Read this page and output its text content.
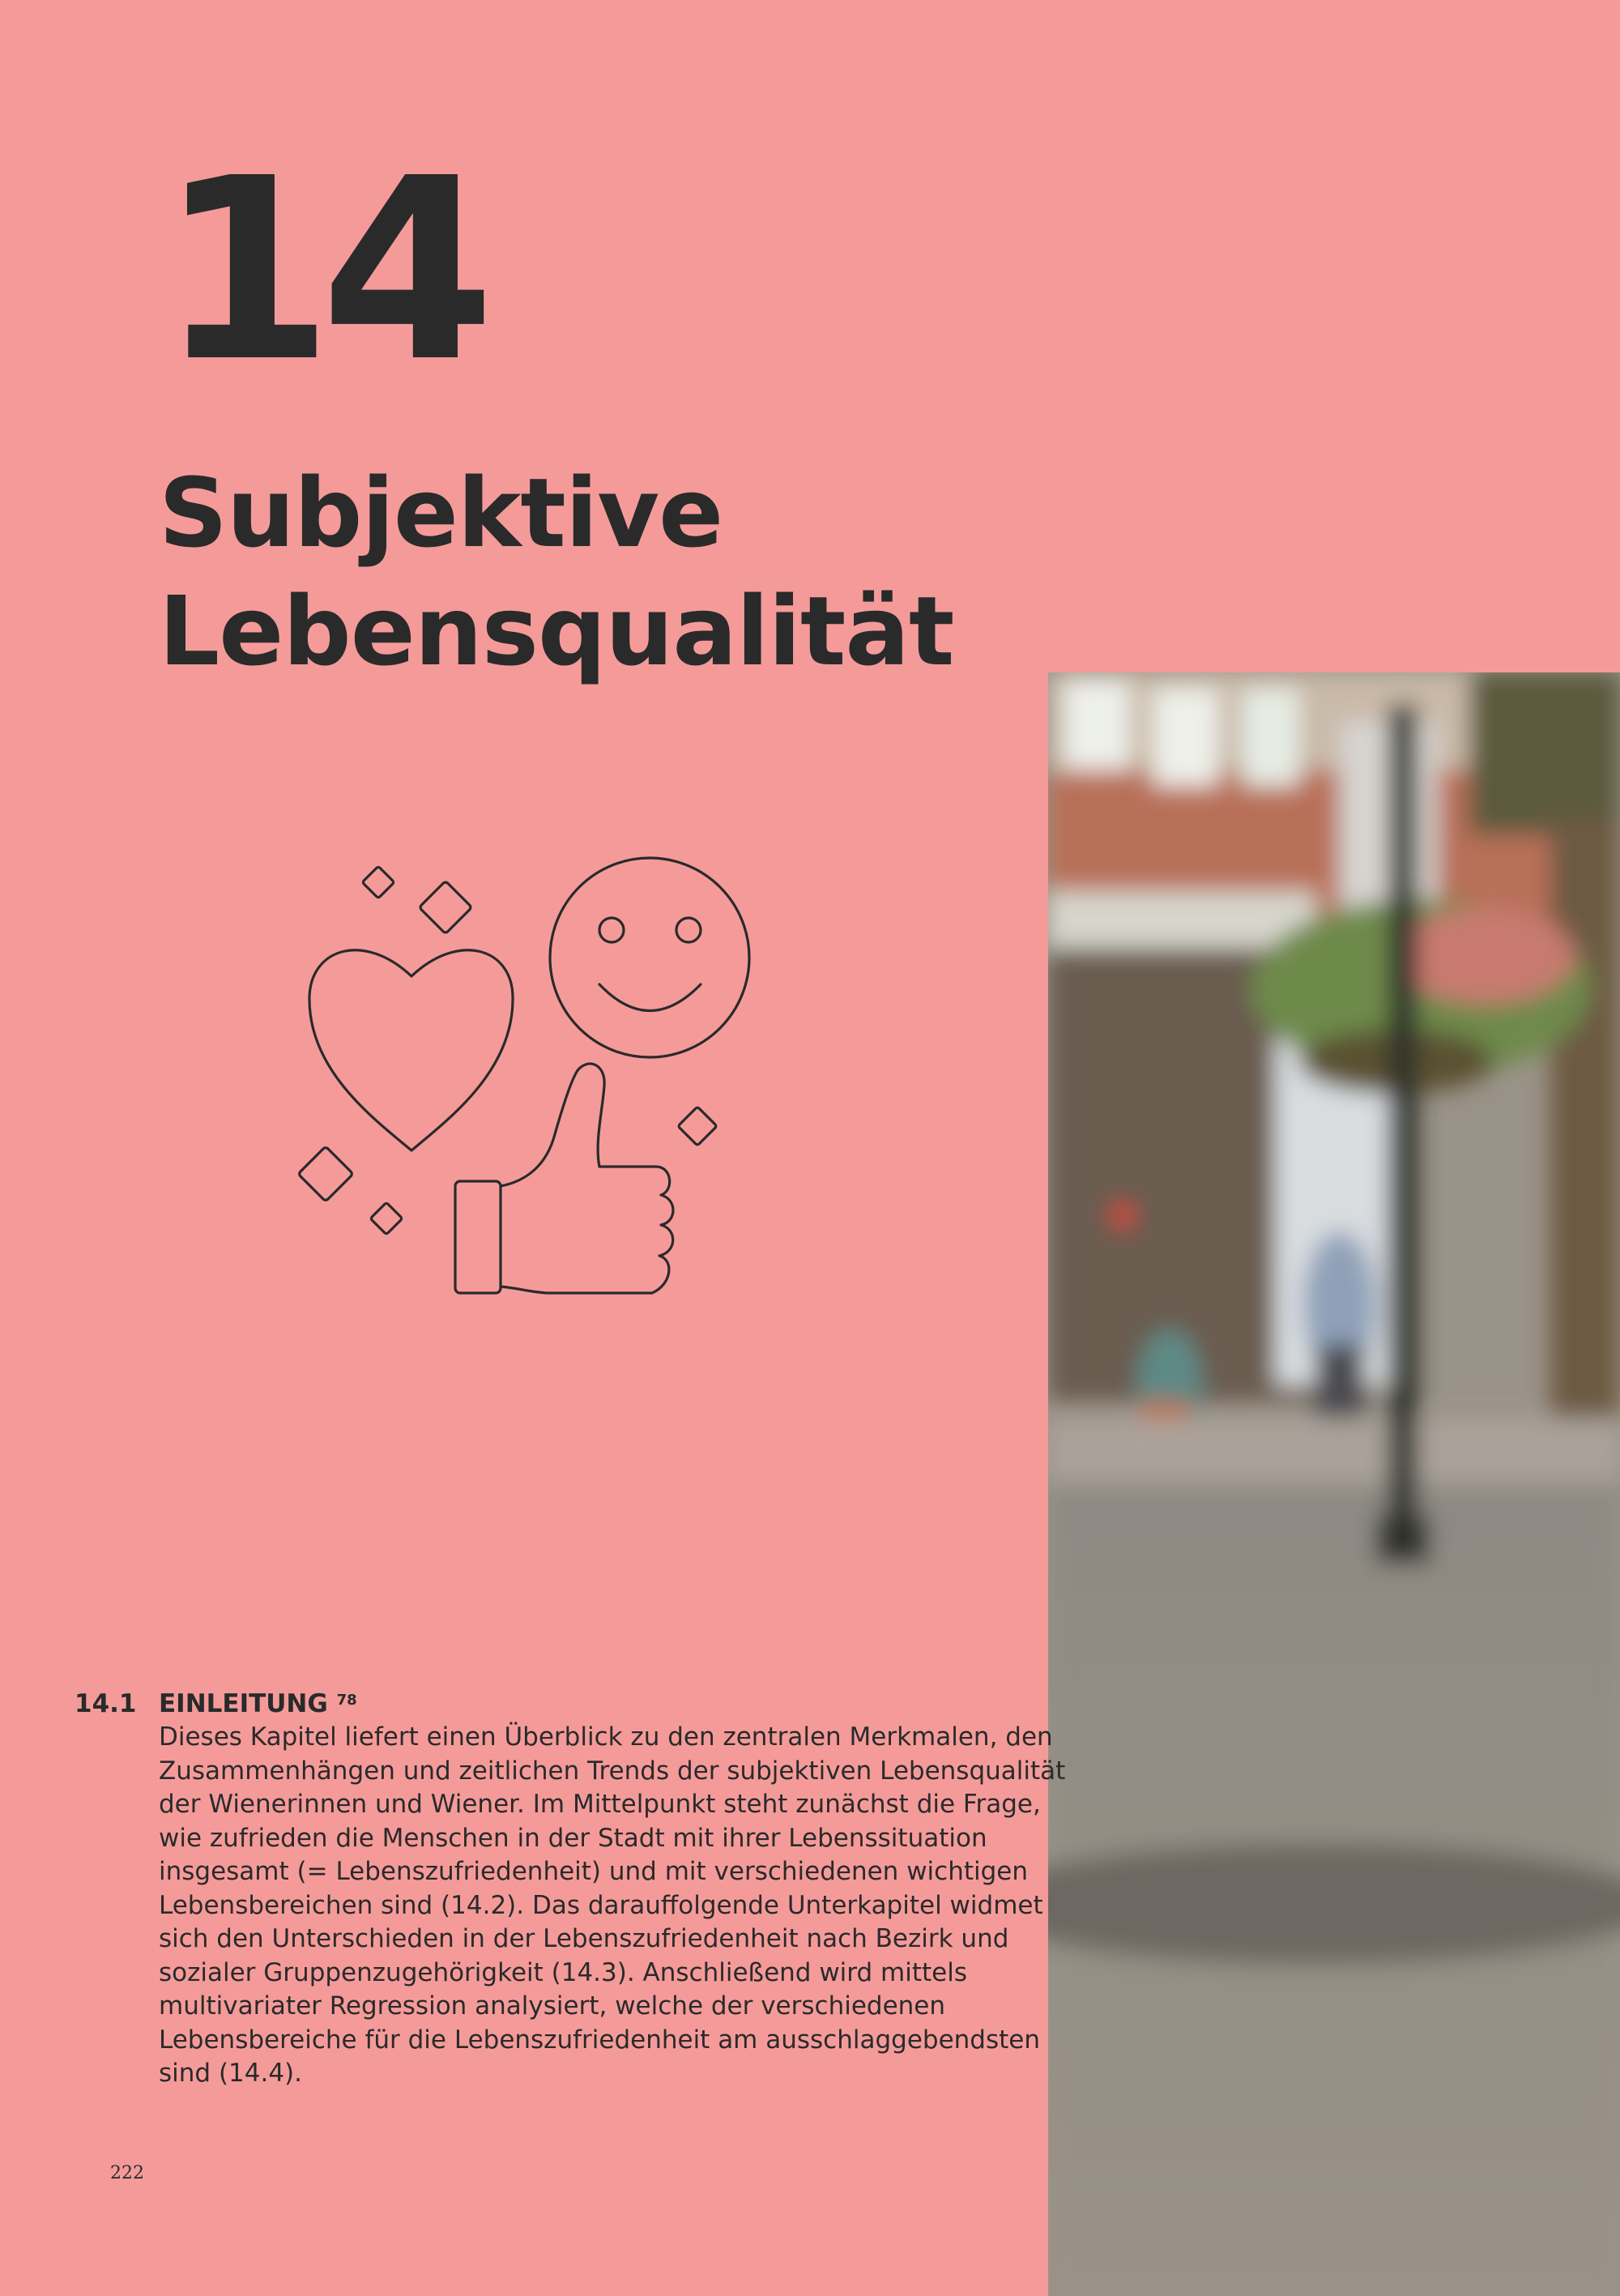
14
Subjektive
Lebensqualität
14.1 EINLEITUNG $^{78}$
Dieses Kapitel liefert einen Überblick zu den zentralen Merkmalen, den Zusammenhängen und zeitlichen Trends der subjektiven Lebensqualität der Wienerinnen und Wiener. Im Mittelpunkt steht zunächst die Frage, wie zufrieden die Menschen in der Stadt mit ihrer Lebenssituation insgesamt (= Lebenszufriedenheit) und mit verschiedenen wichtigen Lebensbereichen sind (14.2). Das darauffolgende Unterkapitel widmet sich den Unterschieden in der Lebenszufriedenheit nach Bezirk und sozialer Gruppenzugehörigkeit (14.3). Anschließend wird mittels multivariater Regression analysiert, welche der verschiedenen Lebensbereiche für die Lebenszufriedenheit am ausschlaggebendsten sind (14.4).
222
